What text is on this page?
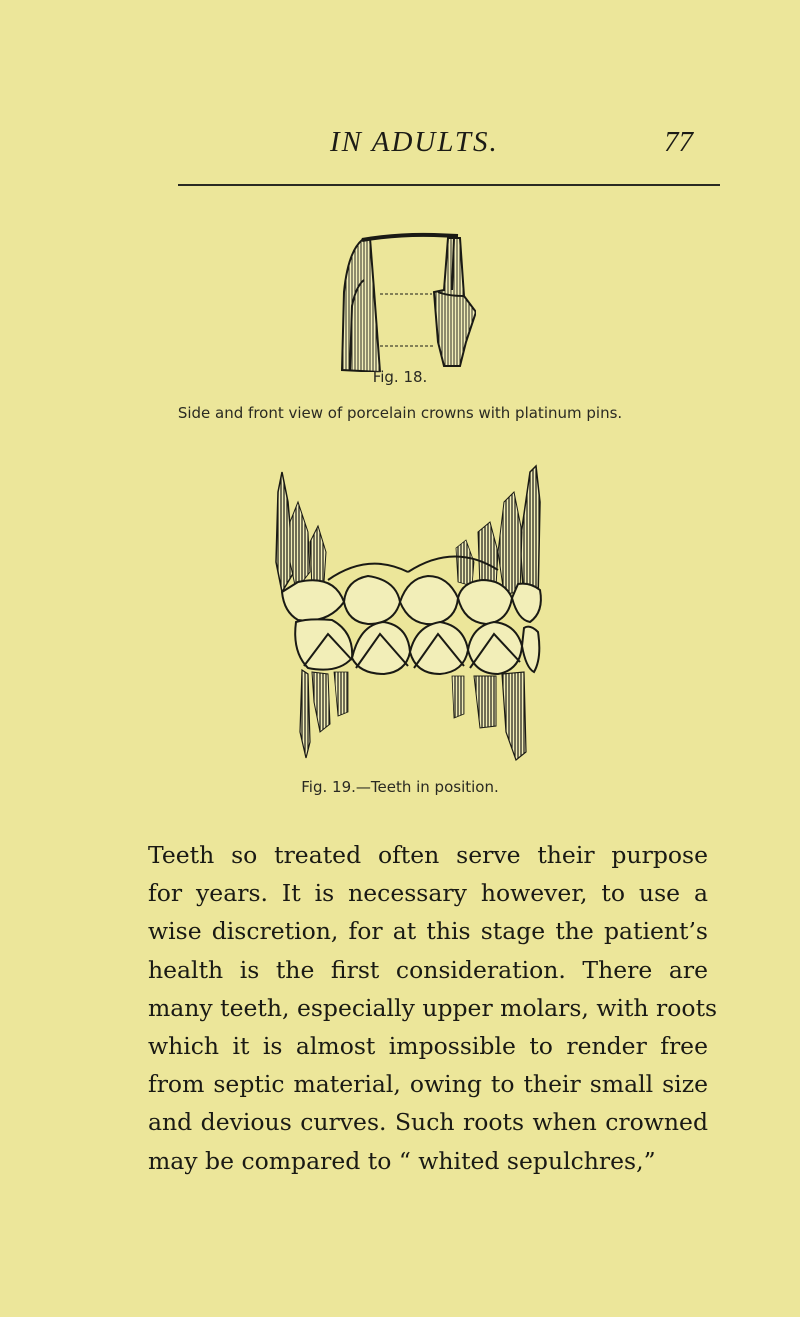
IN ADULTS.	77
Fig. 18.
Side and front view of porcelain crowns with platinum pins.
Fig. 19.—Teeth in position.
Teeth so treated often serve their purpose
for years. It is necessary however, to use a
wise discretion, for at this stage the patient’s
health is the first consideration. There are
many teeth, especially upper molars, with roots
which it is almost impossible to render free
from septic material, owing to their small size
and devious curves. Such roots when crowned
may be compared to “ whited sepulchres,”
